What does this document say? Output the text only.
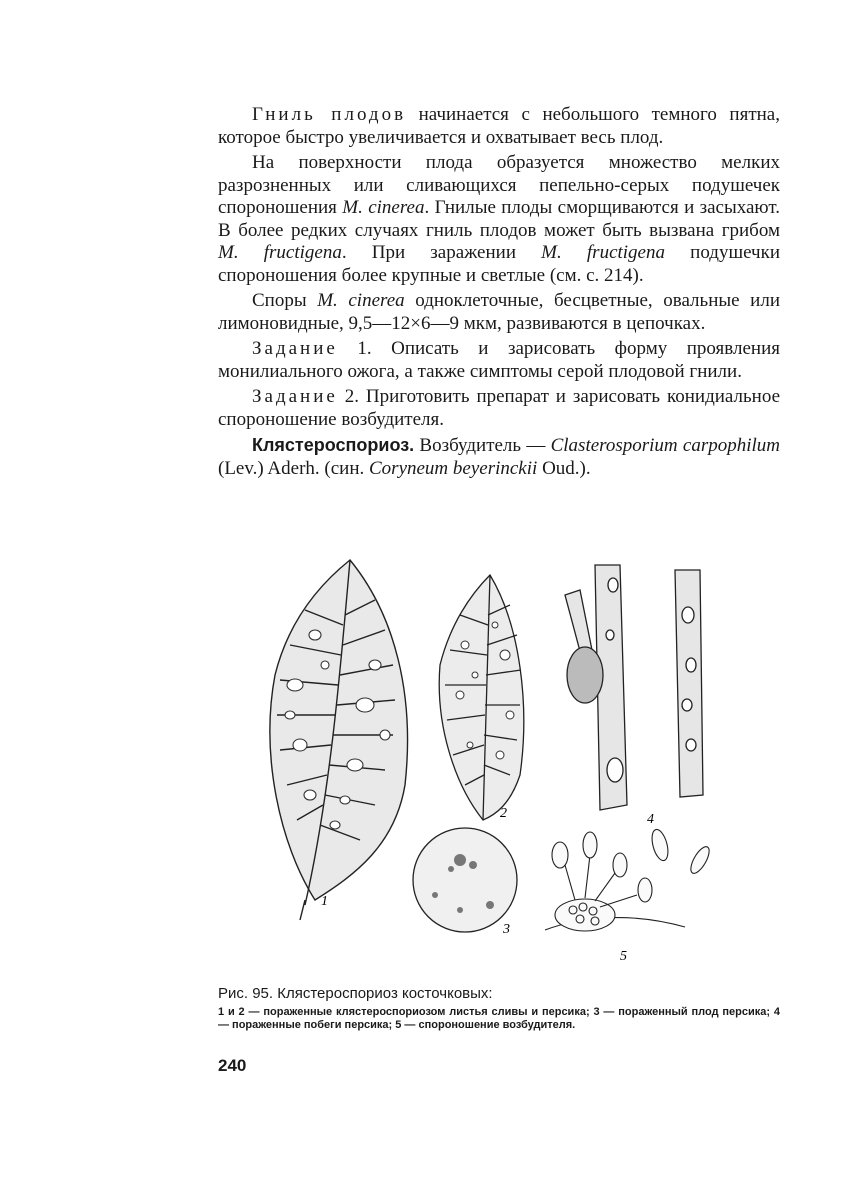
Гниль плодов начинается с небольшого темного пятна, которое быстро увеличивается и охватывает весь плод.

На поверхности плода образуется множество мелких разрозненных или сливающихся пепельно-серых подушечек спороношения M. cinerea. Гнилые плоды сморщиваются и засыхают. В более редких случаях гниль плодов может быть вызвана грибом M. fructigena. При заражении M. fructigena подушечки спороношения более крупные и светлые (см. с. 214).

Споры M. cinerea одноклеточные, бесцветные, овальные или лимоновидные, 9,5—12×6—9 мкм, развиваются в цепочках.

Задание 1. Описать и зарисовать форму проявления монилиального ожога, а также симптомы серой плодовой гнили.

Задание 2. Приготовить препарат и зарисовать конидиальное спороношение возбудителя.

Клястероспориоз. Возбудитель — Clasterosporium carpophilum (Lev.) Aderh. (син. Coryneum beyerinckii Oud.).

1
2
3
4
5

Рис. 95. Клястероспориоз косточковых:

1 и 2 — пораженные клястероспориозом листья сливы и персика; 3 — пораженный плод персика; 4 — пораженные побеги персика; 5 — спороношение возбудителя.

240
